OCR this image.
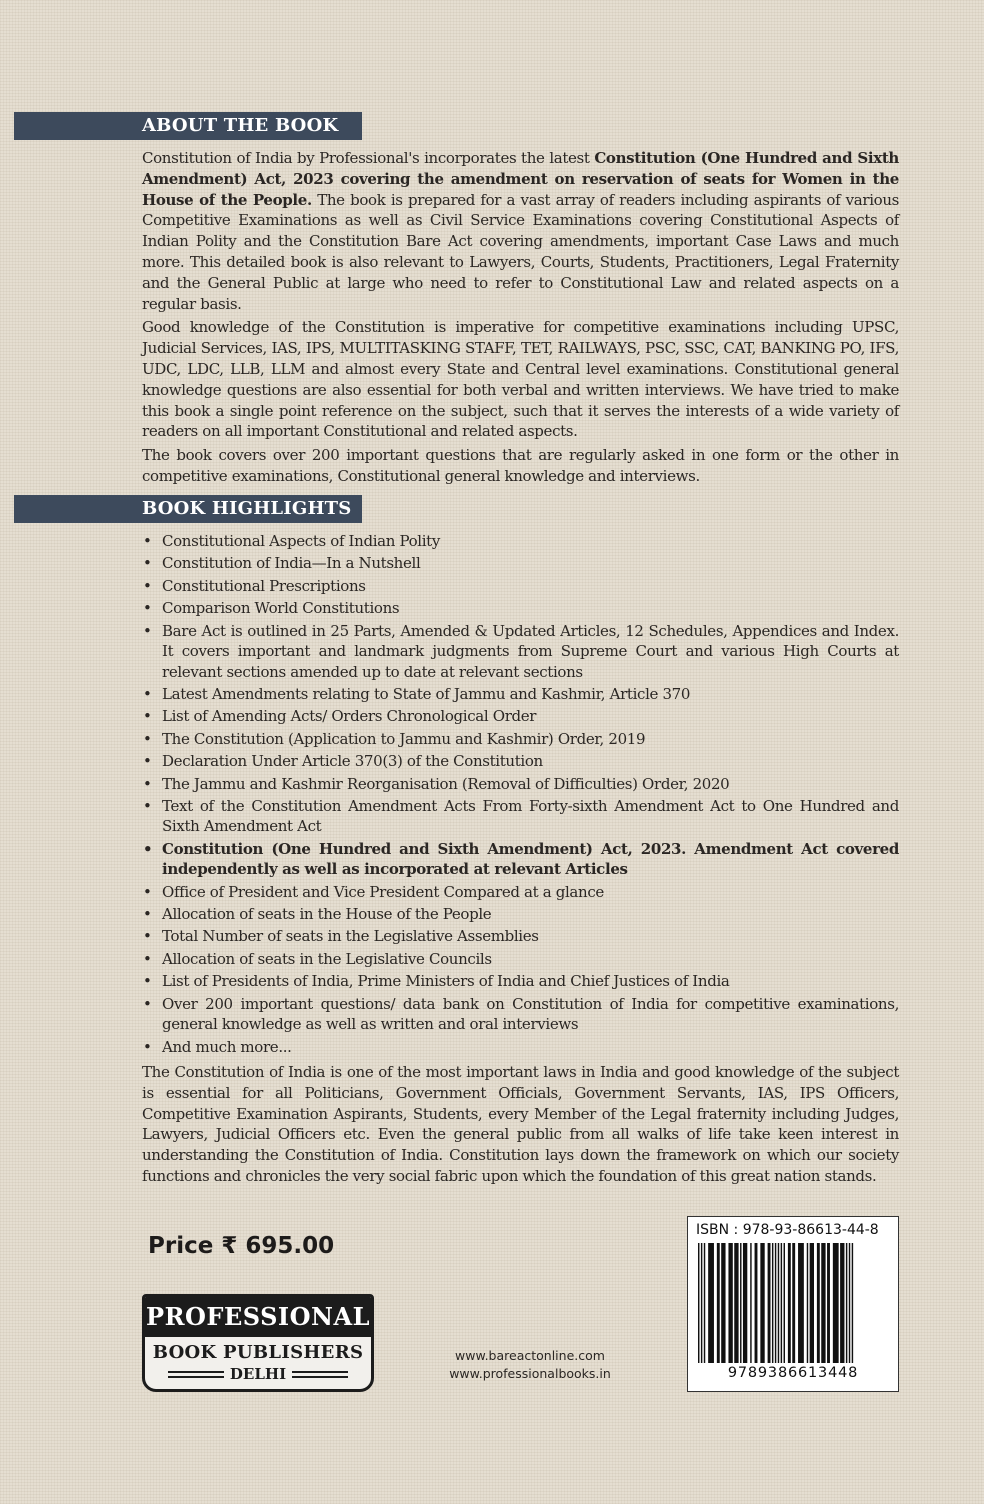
ABOUT THE BOOK

Constitution of India by Professional's incorporates the latest Constitution (One Hundred and Sixth Amendment) Act, 2023 covering the amendment on reservation of seats for Women in the House of the People. The book is prepared for a vast array of readers including aspirants of various Competitive Examinations as well as Civil Service Examinations covering Constitutional Aspects of Indian Polity and the Constitution Bare Act covering amendments, important Case Laws and much more. This detailed book is also relevant to Lawyers, Courts, Students, Practitioners, Legal Fraternity and the General Public at large who need to refer to Constitutional Law and related aspects on a regular basis.

Good knowledge of the Constitution is imperative for competitive examinations including UPSC, Judicial Services, IAS, IPS, MULTITASKING STAFF, TET, RAILWAYS, PSC, SSC, CAT, BANKING PO, IFS, UDC, LDC, LLB, LLM and almost every State and Central level examinations. Constitutional general knowledge questions are also essential for both verbal and written interviews. We have tried to make this book a single point reference on the subject, such that it serves the interests of a wide variety of readers on all important Constitutional and related aspects.

The book covers over 200 important questions that are regularly asked in one form or the other in competitive examinations, Constitutional general knowledge and interviews.

BOOK HIGHLIGHTS
• Constitutional Aspects of Indian Polity
• Constitution of India—In a Nutshell
• Constitutional Prescriptions
• Comparison World Constitutions
• Bare Act is outlined in 25 Parts, Amended & Updated Articles, 12 Schedules, Appendices and Index. It covers important and landmark judgments from Supreme Court and various High Courts at relevant sections amended up to date at relevant sections
• Latest Amendments relating to State of Jammu and Kashmir, Article 370
• List of Amending Acts/ Orders Chronological Order
• The Constitution (Application to Jammu and Kashmir) Order, 2019
• Declaration Under Article 370(3) of the Constitution
• The Jammu and Kashmir Reorganisation (Removal of Difficulties) Order, 2020
• Text of the Constitution Amendment Acts From Forty-sixth Amendment Act to One Hundred and Sixth Amendment Act
• Constitution (One Hundred and Sixth Amendment) Act, 2023. Amendment Act covered independently as well as incorporated at relevant Articles
• Office of President and Vice President Compared at a glance
• Allocation of seats in the House of the People
• Total Number of seats in the Legislative Assemblies
• Allocation of seats in the Legislative Councils
• List of Presidents of India, Prime Ministers of India and Chief Justices of India
• Over 200 important questions/ data bank on Constitution of India for competitive examinations, general knowledge as well as written and oral interviews
• And much more...
The Constitution of India is one of the most important laws in India and good knowledge of the subject is essential for all Politicians, Government Officials, Government Servants, IAS, IPS Officers, Competitive Examination Aspirants, Students, every Member of the Legal fraternity including Judges, Lawyers, Judicial Officers etc. Even the general public from all walks of life take keen interest in understanding the Constitution of India. Constitution lays down the framework on which our society functions and chronicles the very social fabric upon which the foundation of this great nation stands.
Price ₹ 695.00
PROFESSIONAL
BOOK PUBLISHERS
DELHI
www.bareactonline.com
www.professionalbooks.in
ISBN : 978-93-86613-44-8
9789386613448
